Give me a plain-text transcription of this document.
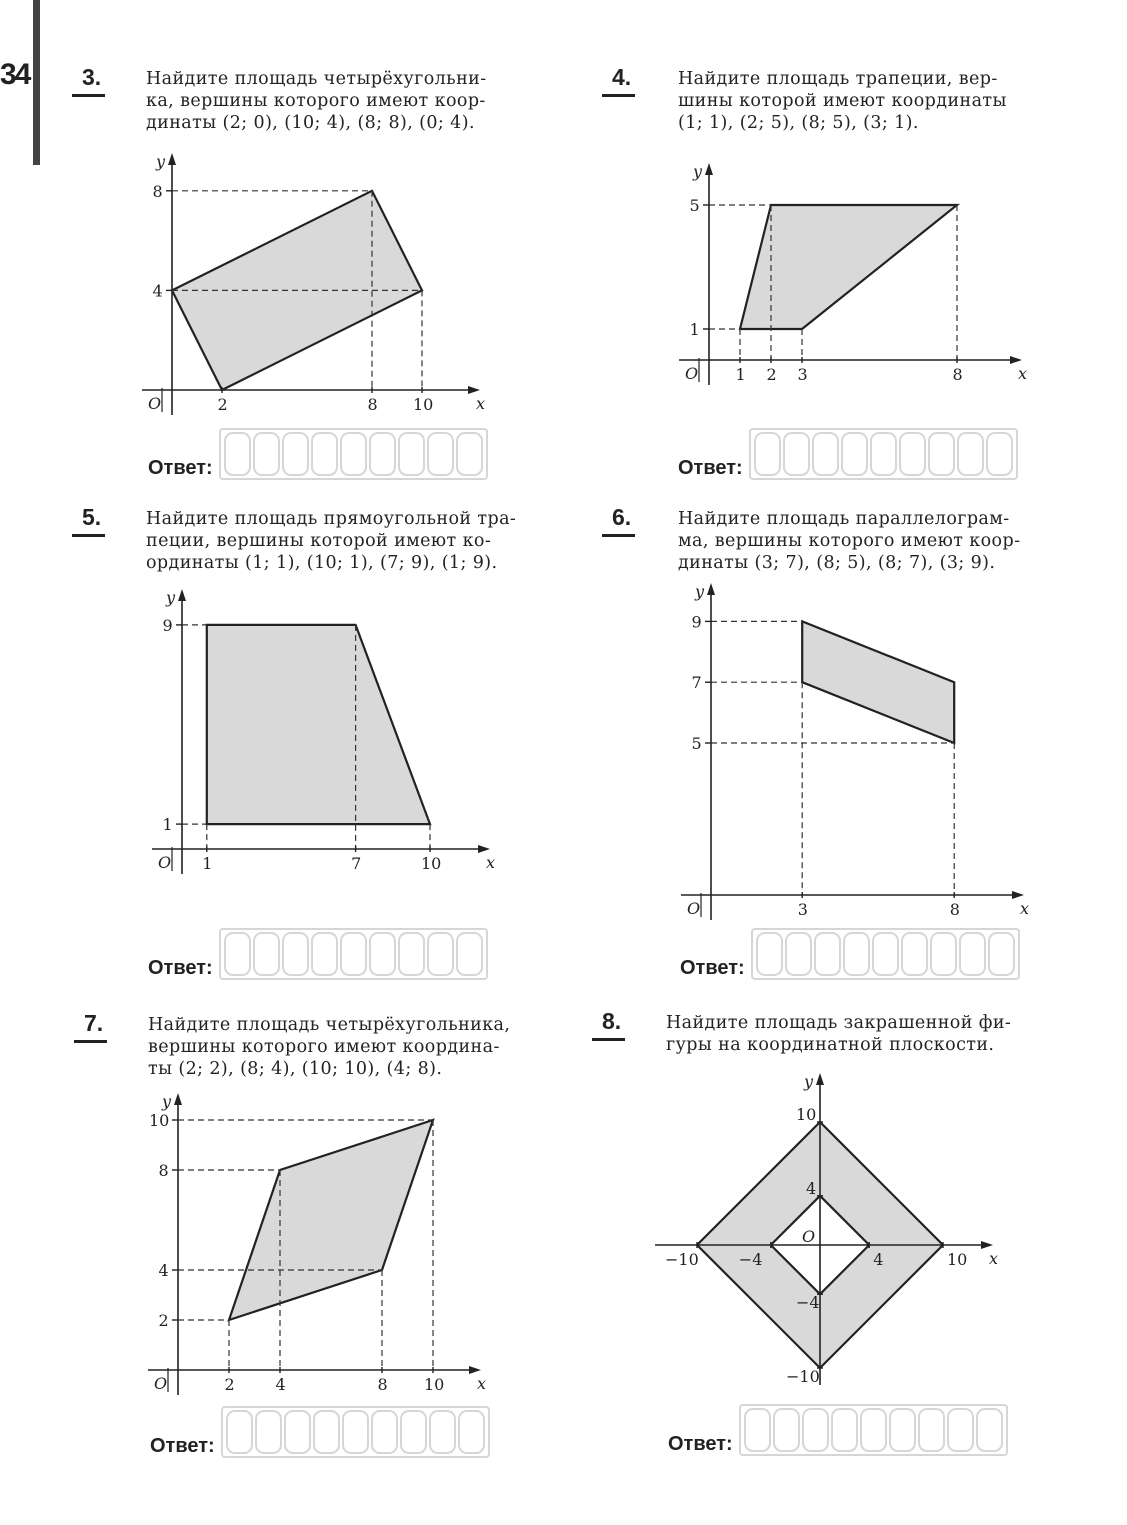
34	3.	Найдите площадь четырёхугольни-
ка, вершины которого имеют коор-
динаты (2; 0), (10; 4), (8; 8), (0; 4).

x
y
O	2	8 10
4
8
Ответ:
4.	Найдите площадь трапеции, вер-
шины которой имеют координаты
(1; 1), (2; 5), (8; 5), (3; 1).

x
y
O 1 2 3	8
1
5
Ответ:
5.	Найдите площадь прямоугольной тра-
пеции, вершины которой имеют ко-
ординаты (1; 1), (10; 1), (7; 9), (1; 9).

x
y
O 1	7	10
1
9
Ответ:
6.	Найдите площадь параллелограм-
ма, вершины которого имеют коор-
динаты (3; 7), (8; 5), (8; 7), (3; 9).

x
y
O	3	8
5
7
9
Ответ:
7.	Найдите площадь четырёхугольника,
вершины которого имеют координа-
ты (2; 2), (8; 4), (10; 10), (4; 8).

x
y
O	2	4	8 10
2
4
8
10
Ответ:
8.	Найдите площадь закрашенной фи-
гуры на координатной плоскости.

x
y
O
−10	−4	4	10
10
4
−4
−10
Ответ:
